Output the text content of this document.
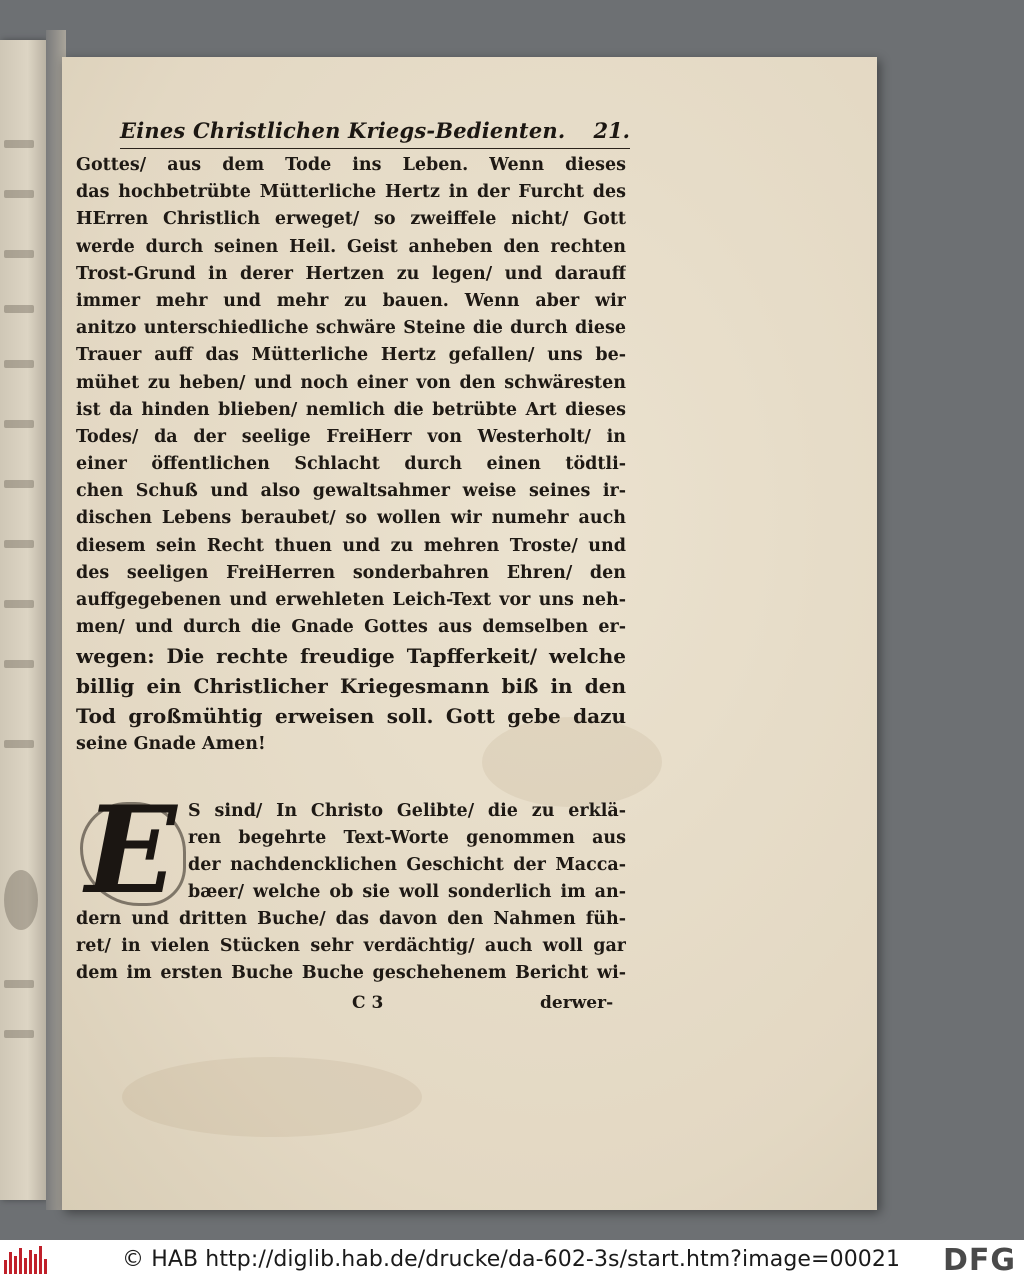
Eines Christlichen Kriegs-Bedienten. 21.
Gottes/ aus dem Tode ins Leben. Wenn dieses
das hochbetrübte Mütterliche Hertz in der Furcht des
HErren Christlich erweget/ so zweiffele nicht/ Gott
werde durch seinen Heil. Geist anheben den rechten
Trost-Grund in derer Hertzen zu legen/ und darauff
immer mehr und mehr zu bauen. Wenn aber wir
anitzo unterschiedliche schwäre Steine die durch diese
Trauer auff das Mütterliche Hertz gefallen/ uns be-
mühet zu heben/ und noch einer von den schwäresten
ist da hinden blieben/ nemlich die betrübte Art dieses
Todes/ da der seelige FreiHerr von Westerholt/ in
einer öffentlichen Schlacht durch einen tödtli-
chen Schuß und also gewaltsahmer weise seines ir-
dischen Lebens beraubet/ so wollen wir numehr auch
diesem sein Recht thuen und zu mehren Troste/ und
des seeligen FreiHerren sonderbahren Ehren/ den
auffgegebenen und erwehleten Leich-Text vor uns neh-
men/ und durch die Gnade Gottes aus demselben er-
wegen: Die rechte freudige Tapfferkeit/ welche
billig ein Christlicher Kriegesmann biß in den
Tod großmühtig erweisen soll. Gott gebe dazu
seine Gnade Amen!
E S sind/ In Christo Gelibte/ die zu erklä-
ren begehrte Text-Worte genommen aus
der nachdencklichen Geschicht der Macca-
bæer/ welche ob sie woll sonderlich im an-
dern und dritten Buche/ das davon den Nahmen füh-
ret/ in vielen Stücken sehr verdächtig/ auch woll gar
dem im ersten Buche Buche geschehenem Bericht wi-
C 3	derwer-
© HAB http://diglib.hab.de/drucke/da-602-3s/start.htm?image=00021 DFG
